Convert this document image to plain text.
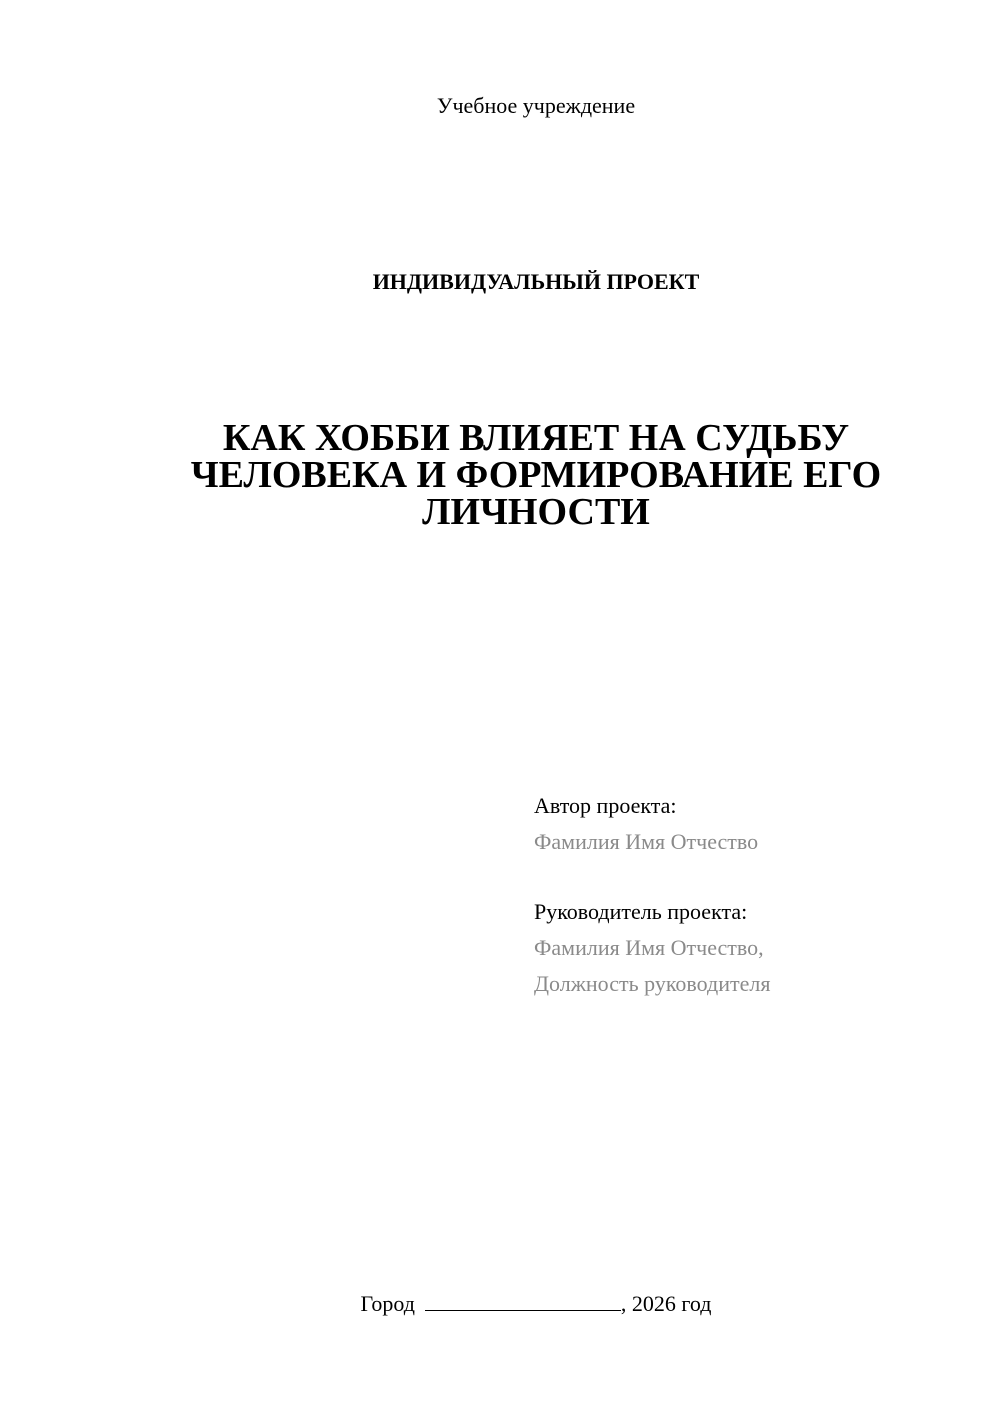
Учебное учреждение
ИНДИВИДУАЛЬНЫЙ ПРОЕКТ
КАК ХОББИ ВЛИЯЕТ НА СУДЬБУ
ЧЕЛОВЕКА И ФОРМИРОВАНИЕ ЕГО
ЛИЧНОСТИ
Автор проекта:
Фамилия Имя Отчество
Руководитель проекта:
Фамилия Имя Отчество,
Должность руководителя
Город	, 2026 год
